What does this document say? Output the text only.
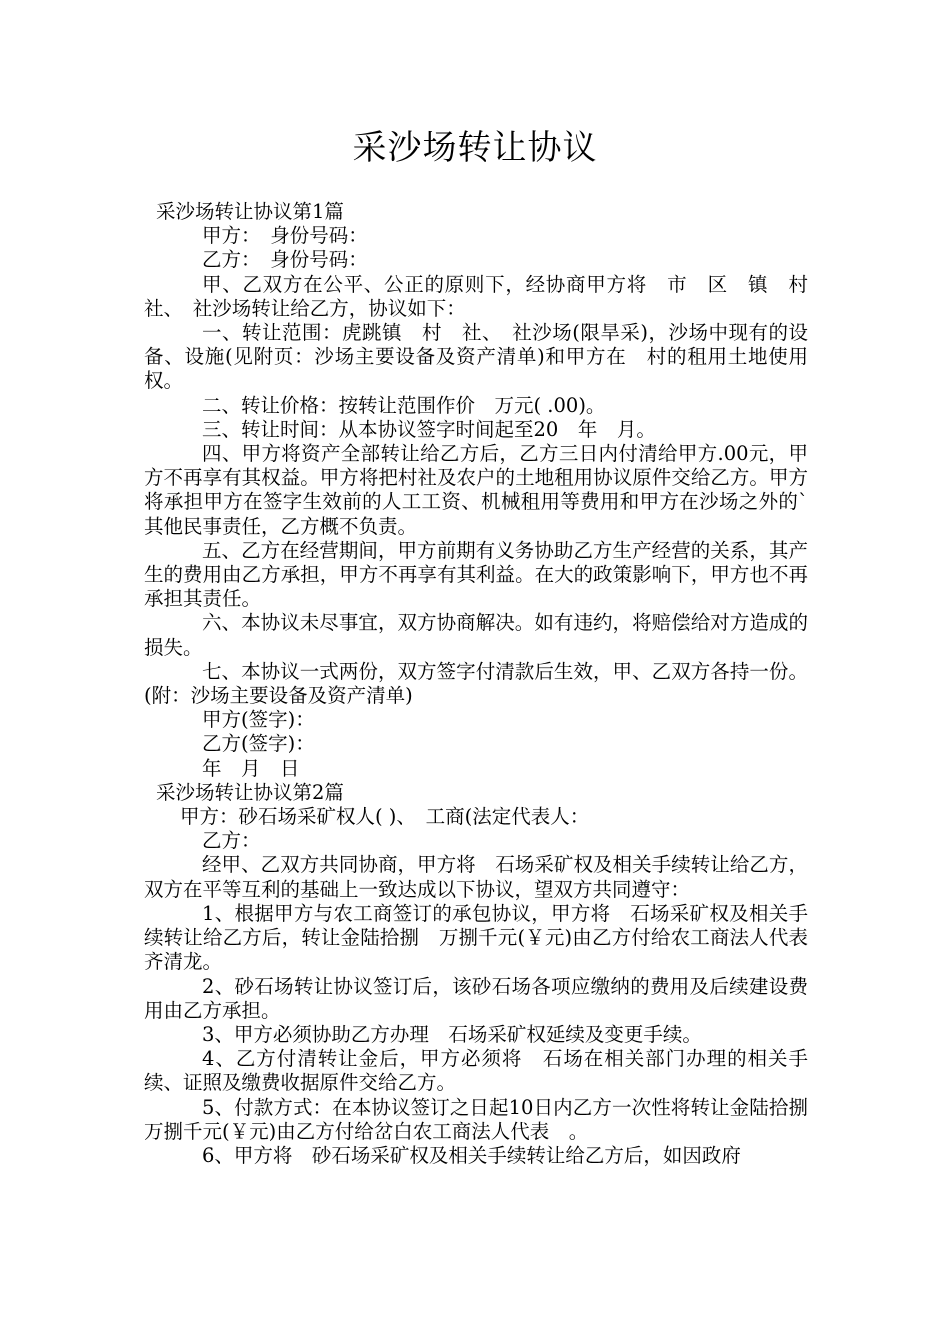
采沙场转让协议

采沙场转让协议第1篇

甲方：　身份号码：

乙方：　身份号码：

甲、乙双方在公平、公正的原则下，经协商甲方将　市　区　镇　村　社、　社沙场转让给乙方，协议如下：

一、转让范围：虎跳镇　村　社、　社沙场(限旱采)，沙场中现有的设备、设施(见附页：沙场主要设备及资产清单)和甲方在　村的租用土地使用权。

二、转让价格：按转让范围作价　万元( .00)。

三、转让时间：从本协议签字时间起至20　年　月。

四、甲方将资产全部转让给乙方后，乙方三日内付清给甲方.00元，甲方不再享有其权益。甲方将把村社及农户的土地租用协议原件交给乙方。甲方将承担甲方在签字生效前的人工工资、机械租用等费用和甲方在沙场之外的`其他民事责任，乙方概不负责。

五、乙方在经营期间，甲方前期有义务协助乙方生产经营的关系，其产生的费用由乙方承担，甲方不再享有其利益。在大的政策影响下，甲方也不再承担其责任。

六、本协议未尽事宜，双方协商解决。如有违约，将赔偿给对方造成的损失。

七、本协议一式两份，双方签字付清款后生效，甲、乙双方各持一份。(附：沙场主要设备及资产清单)

甲方(签字)：

乙方(签字)：

年　月　日

采沙场转让协议第2篇

甲方：砂石场采矿权人( )、　工商(法定代表人：

乙方：

经甲、乙双方共同协商，甲方将　石场采矿权及相关手续转让给乙方，双方在平等互利的基础上一致达成以下协议，望双方共同遵守：

1、根据甲方与农工商签订的承包协议，甲方将　石场采矿权及相关手续转让给乙方后，转让金陆拾捌　万捌千元(￥元)由乙方付给农工商法人代表齐清龙。

2、砂石场转让协议签订后，该砂石场各项应缴纳的费用及后续建设费用由乙方承担。

3、甲方必须协助乙方办理　石场采矿权延续及变更手续。

4、乙方付清转让金后，甲方必须将　石场在相关部门办理的相关手续、证照及缴费收据原件交给乙方。

5、付款方式：在本协议签订之日起10日内乙方一次性将转让金陆拾捌万捌千元(￥元)由乙方付给岔白农工商法人代表　。

6、甲方将　砂石场采矿权及相关手续转让给乙方后，如因政府
